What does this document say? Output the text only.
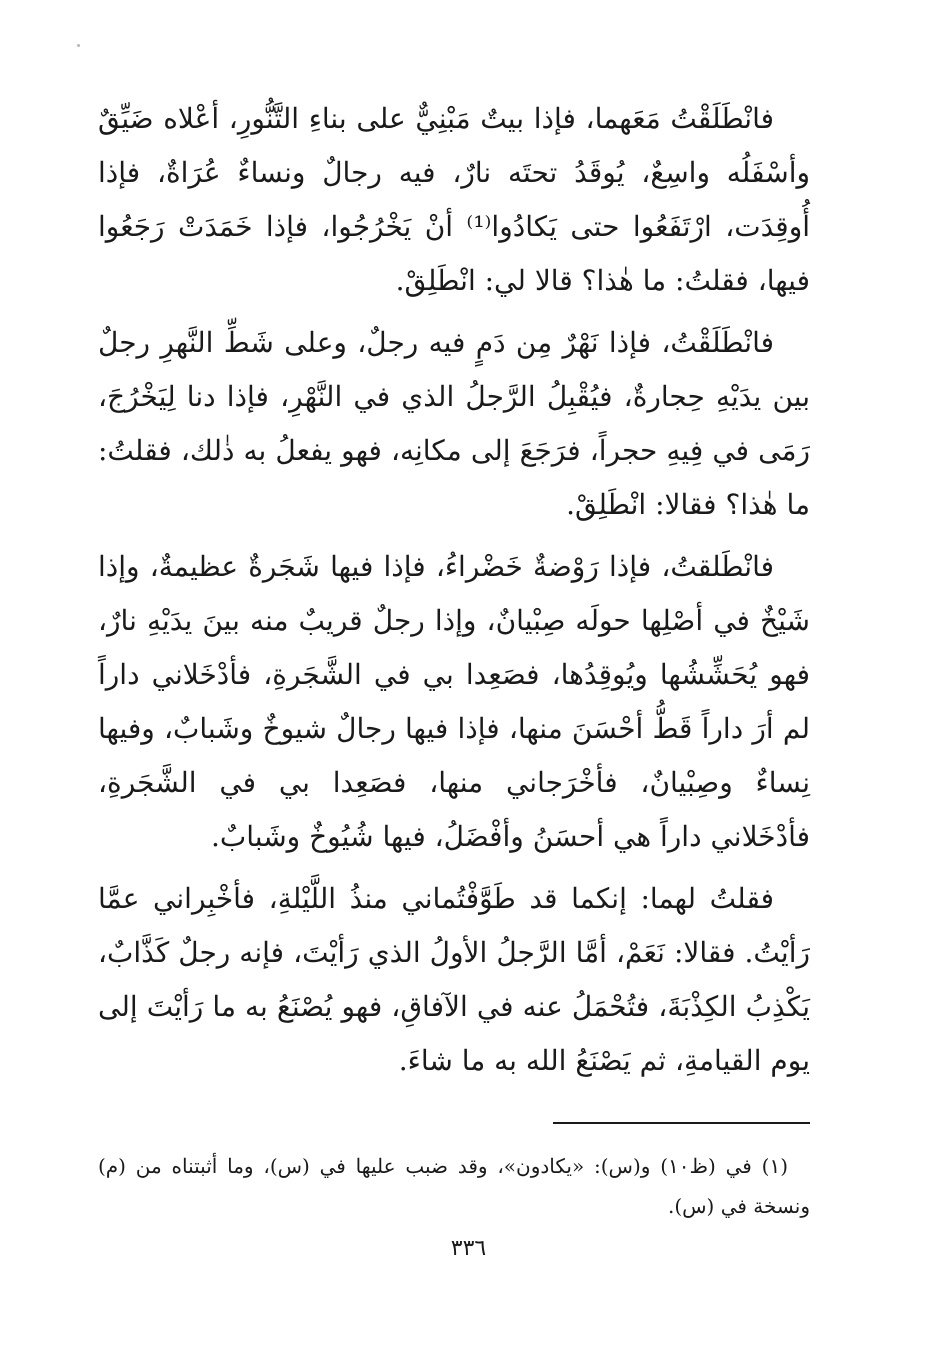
فانْطَلَقْتُ مَعَهما، فإذا بيتٌ مَبْنِيٌّ على بناءِ التَّنُّورِ، أعْلاه ضَيِّقٌ وأسْفَلُه واسِعٌ، يُوقَدُ تحتَه نارٌ، فيه رجالٌ ونساءٌ عُرَاةٌ، فإذا أُوقِدَت، ارْتَفَعُوا حتى يَكادُوا⁽¹⁾ أنْ يَخْرُجُوا، فإذا خَمَدَتْ رَجَعُوا فيها، فقلتُ: ما هٰذا؟ قالا لي: انْطَلِقْ.

فانْطَلَقْتُ، فإذا نَهْرٌ مِن دَمٍ فيه رجلٌ، وعلى شَطِّ النَّهرِ رجلٌ بين يدَيْهِ حِجارةٌ، فيُقْبِلُ الرَّجلُ الذي في النَّهْرِ، فإذا دنا لِيَخْرُجَ، رَمَى في فِيهِ حجراً، فرَجَعَ إلى مكانِه، فهو يفعلُ به ذٰلك، فقلتُ: ما هٰذا؟ فقالا: انْطَلِقْ.

فانْطَلقتُ، فإذا رَوْضةٌ خَضْراءُ، فإذا فيها شَجَرةٌ عظيمةٌ، وإذا شَيْخٌ في أصْلِها حولَه صِبْيانٌ، وإذا رجلٌ قريبٌ منه بينَ يدَيْهِ نارٌ، فهو يُحَشِّشُها ويُوقِدُها، فصَعِدا بي في الشَّجَرةِ، فأدْخَلاني داراً لم أرَ داراً قَطُّ أحْسَنَ منها، فإذا فيها رجالٌ شيوخٌ وشَبابٌ، وفيها نِساءٌ وصِبْيانٌ، فأخْرَجاني منها، فصَعِدا بي في الشَّجَرةِ، فأدْخَلاني داراً هي أحسَنُ وأفْضَلُ، فيها شُيُوخٌ وشَبابٌ.

فقلتُ لهما: إنكما قد طَوَّفْتُماني منذُ اللَّيْلةِ، فأخْبِراني عمَّا رَأيْتُ. فقالا: نَعَمْ، أمَّا الرَّجلُ الأولُ الذي رَأيْتَ، فإنه رجلٌ كَذَّابٌ، يَكْذِبُ الكِذْبَةَ، فتُحْمَلُ عنه في الآفاقِ، فهو يُصْنَعُ به ما رَأيْتَ إلى يوم القيامةِ، ثم يَصْنَعُ الله به ما شاءَ.

(١) في (ظ١٠) و(س): «يكادون»، وقد ضبب عليها في (س)، وما أثبتناه من (م) ونسخة في (س).
٣٣٦
